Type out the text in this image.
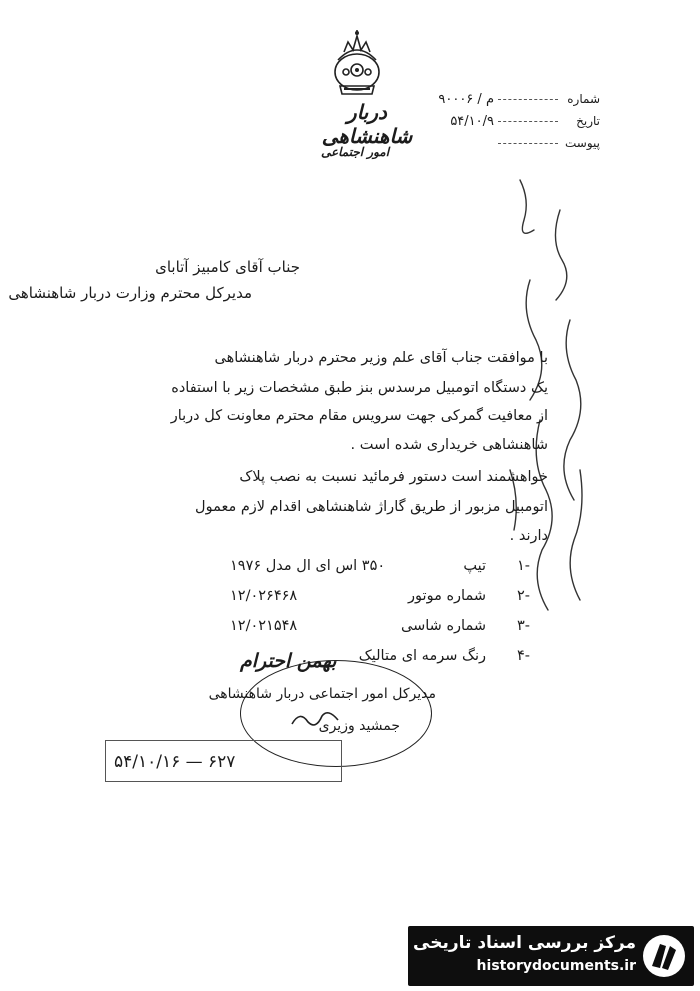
دربار شاهنشاهی
امور اجتماعی
شماره
م / ۹۰۰۰۶
تاریخ
۵۴/۱۰/۹
پیوست
جناب آقای کامبیز آتابای
مدیرکل محترم وزارت دربار شاهنشاهی
با موافقت جناب آقای علم وزیر محترم دربار شاهنشاهی
یک دستگاه اتومبیل مرسدس بنز طبق مشخصات زیر با استفاده
از معافیت گمرکی جهت سرویس مقام محترم معاونت کل دربار
شاهنشاهی خریداری شده است .
خواهشمند است دستور فرمائید نسبت به نصب پلاک
اتومبیل مزبور از طریق گاراژ شاهنشاهی اقدام لازم معمول
دارند .
۱-
تیپ
۳۵۰ اس ای ال مدل ۱۹۷۶
۲-
شماره موتور
۱۲/۰۲۶۴۶۸
۳-
شماره شاسی
۱۲/۰۲۱۵۴۸
۴-
رنگ سرمه ای متالیک
بهمن احترام
مدیرکل امور اجتماعی دربار شاهنشاهی
جمشید وزیری
۵۴/۱۰/۱۶ — ۶۲۷
مرکز بررسی اسناد تاریخی
historydocuments.ir
